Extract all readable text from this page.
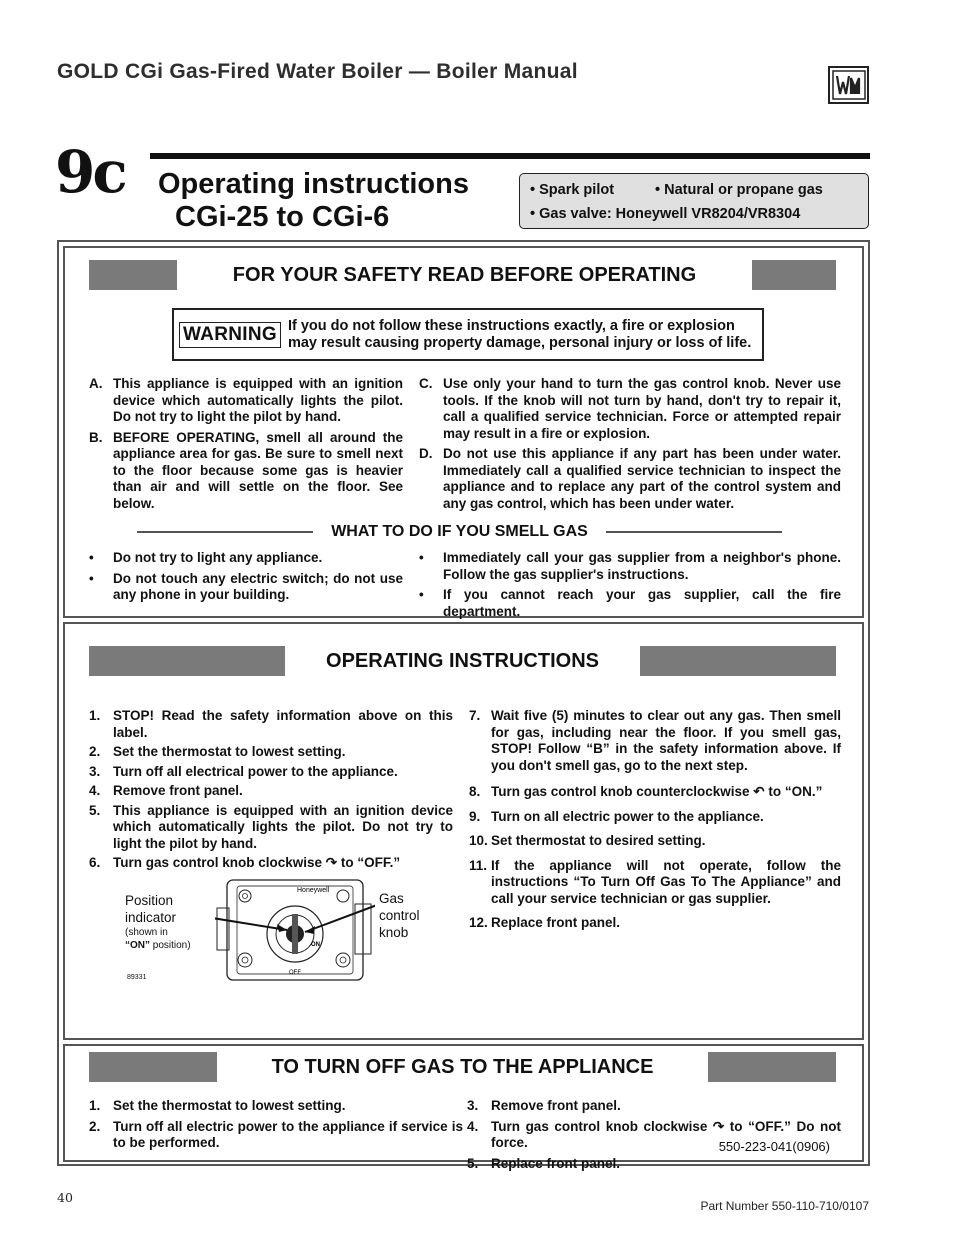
GOLD CGi Gas-Fired Water Boiler — Boiler Manual
9c Operating instructions
CGi-25 to CGi-6
• Spark pilot	• Natural or propane gas
• Gas valve: Honeywell VR8204/VR8304
FOR YOUR SAFETY READ BEFORE OPERATING
WARNING If you do not follow these instructions exactly, a fire or explosion may result causing property damage, personal injury or loss of life.
A. This appliance is equipped with an ignition device which automatically lights the pilot. Do not try to light the pilot by hand.
B. BEFORE OPERATING, smell all around the appliance area for gas. Be sure to smell next to the floor because some gas is heavier than air and will settle on the floor. See below.
C. Use only your hand to turn the gas control knob. Never use tools. If the knob will not turn by hand, don't try to repair it, call a qualified service technician. Force or attempted repair may result in a fire or explosion.
D. Do not use this appliance if any part has been under water. Immediately call a qualified service technician to inspect the appliance and to replace any part of the control system and any gas control, which has been under water.
WHAT TO DO IF YOU SMELL GAS
•	Do not try to light any appliance.
•	Do not touch any electric switch; do not use any phone in your building.
•	Immediately call your gas supplier from a neighbor's phone. Follow the gas supplier's instructions.
•	If you cannot reach your gas supplier, call the fire department.
OPERATING INSTRUCTIONS
1. STOP! Read the safety information above on this label.
2. Set the thermostat to lowest setting.
3. Turn off all electrical power to the appliance.
4. Remove front panel.
5. This appliance is equipped with an ignition device which automatically lights the pilot. Do not try to light the pilot by hand.
6. Turn gas control knob clockwise ↷ to “OFF.”
7. Wait five (5) minutes to clear out any gas. Then smell for gas, including near the floor. If you smell gas, STOP! Follow “B” in the safety information above. If you don't smell gas, go to the next step.
8. Turn gas control knob counterclockwise ↶ to “ON.”
9. Turn on all electric power to the appliance.
10. Set thermostat to desired setting.
11. If the appliance will not operate, follow the instructions “To Turn Off Gas To The Appliance” and call your service technician or gas supplier.
12. Replace front panel.
Position
indicator
(shown in
“ON” position)
Gas
control
knob
89331
Honeywell
ON
OFF
TO TURN OFF GAS TO THE APPLIANCE
1. Set the thermostat to lowest setting.
2. Turn off all electric power to the appliance if service is to be performed.
3. Remove front panel.
4. Turn gas control knob clockwise ↷ to “OFF.” Do not force.
5. Replace front panel.
550-223-041(0906)
40
Part Number 550-110-710/0107
